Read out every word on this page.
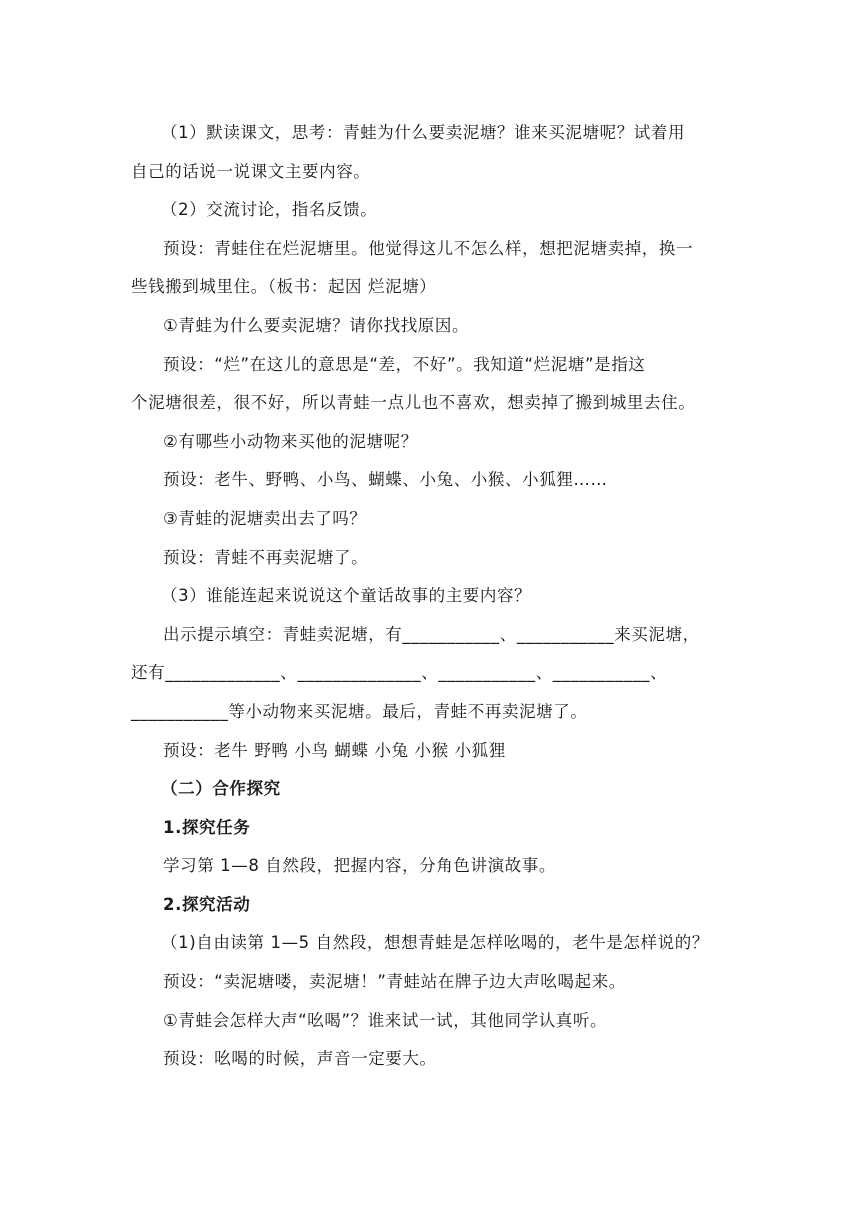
（1）默读课文，思考：青蛙为什么要卖泥塘？谁来买泥塘呢？试着用
自己的话说一说课文主要内容。
（2）交流讨论，指名反馈。
预设：青蛙住在烂泥塘里。他觉得这儿不怎么样，想把泥塘卖掉，换一
些钱搬到城里住。（板书：起因 烂泥塘）
①青蛙为什么要卖泥塘？请你找找原因。
预设：“烂”在这儿的意思是“差，不好”。我知道“烂泥塘”是指这
个泥塘很差，很不好，所以青蛙一点儿也不喜欢，想卖掉了搬到城里去住。
②有哪些小动物来买他的泥塘呢？
预设：老牛、野鸭、小鸟、蝴蝶、小兔、小猴、小狐狸……
③青蛙的泥塘卖出去了吗？
预设：青蛙不再卖泥塘了。
（3）谁能连起来说说这个童话故事的主要内容？
出示提示填空：青蛙卖泥塘，有___________、___________来买泥塘，
还有_____________、______________、___________、___________、
___________等小动物来买泥塘。最后，青蛙不再卖泥塘了。
预设：老牛 野鸭 小鸟 蝴蝶 小兔 小猴 小狐狸
（二）合作探究
1.探究任务
学习第 1—8 自然段，把握内容，分角色讲演故事。
2.探究活动
（1)自由读第 1—5 自然段，想想青蛙是怎样吆喝的，老牛是怎样说的？
预设：“卖泥塘喽，卖泥塘！”青蛙站在牌子边大声吆喝起来。
①青蛙会怎样大声“吆喝”？谁来试一试，其他同学认真听。
预设：吆喝的时候，声音一定要大。
